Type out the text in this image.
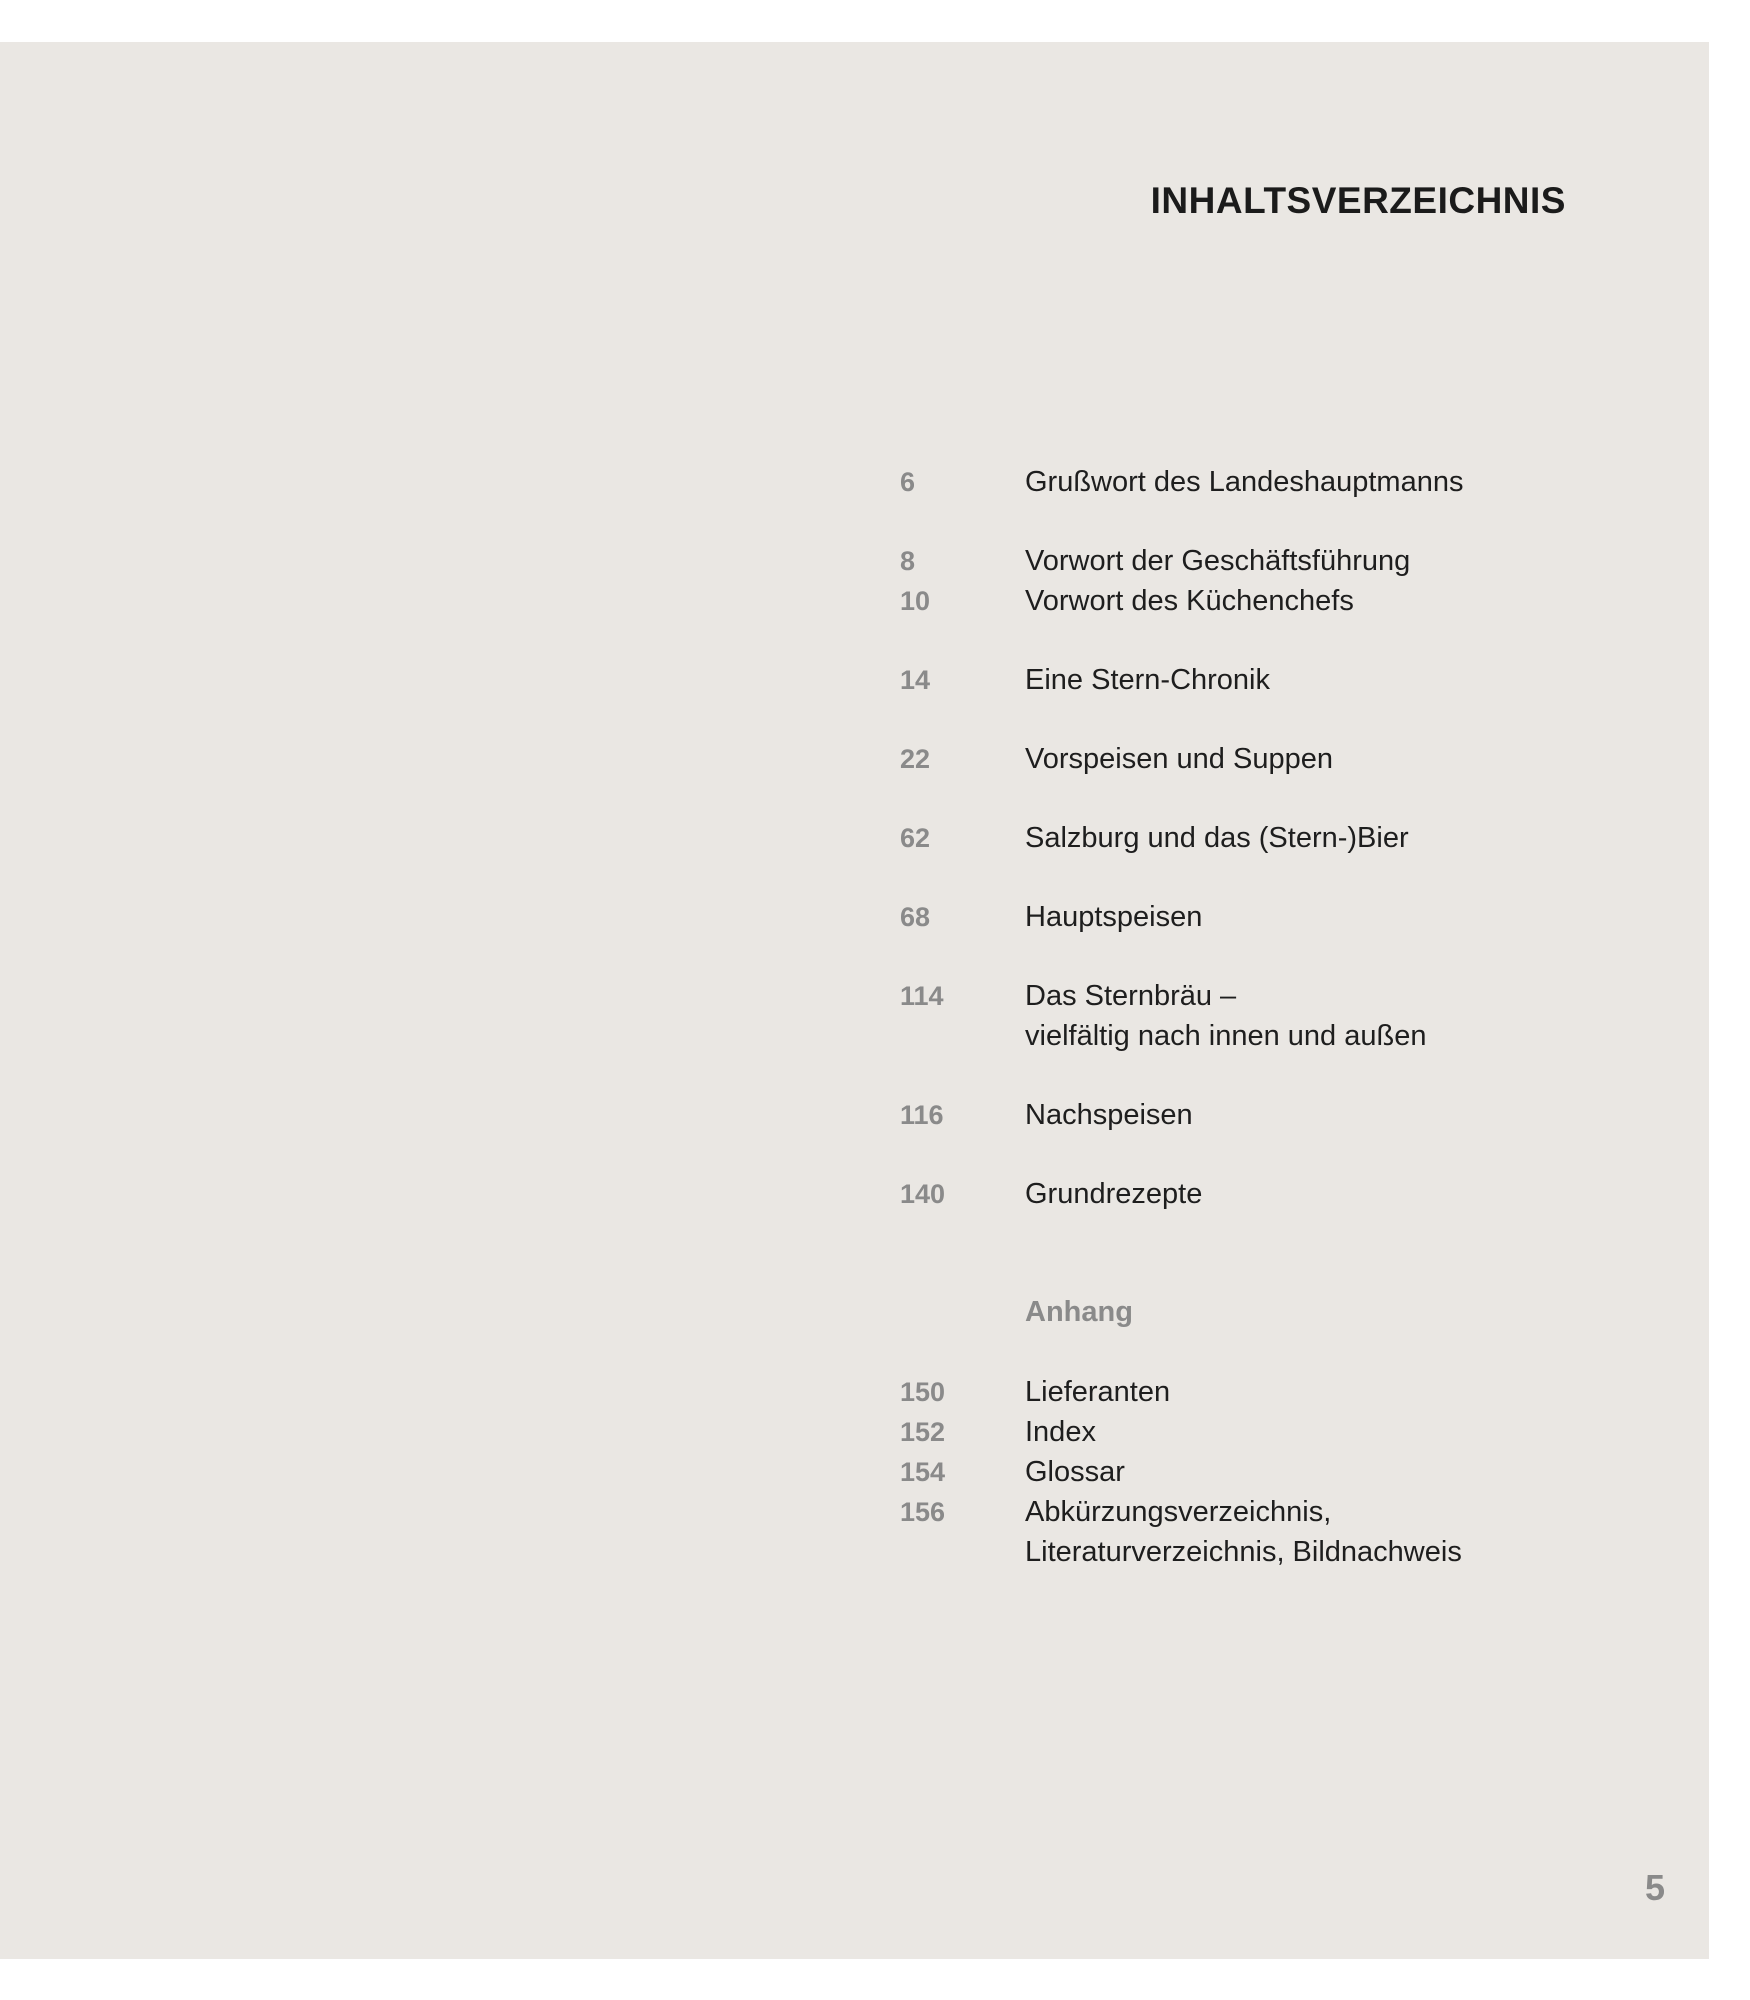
INHALTSVERZEICHNIS
6	Grußwort des Landeshauptmanns
8	Vorwort der Geschäftsführung
10	Vorwort des Küchenchefs
14	Eine Stern-Chronik
22	Vorspeisen und Suppen
62	Salzburg und das (Stern-)Bier
68	Hauptspeisen
114	Das Sternbräu –
vielfältig nach innen und außen
116	Nachspeisen
140	Grundrezepte
Anhang
150	Lieferanten
152	Index
154	Glossar
156	Abkürzungsverzeichnis,
Literaturverzeichnis, Bildnachweis

5
